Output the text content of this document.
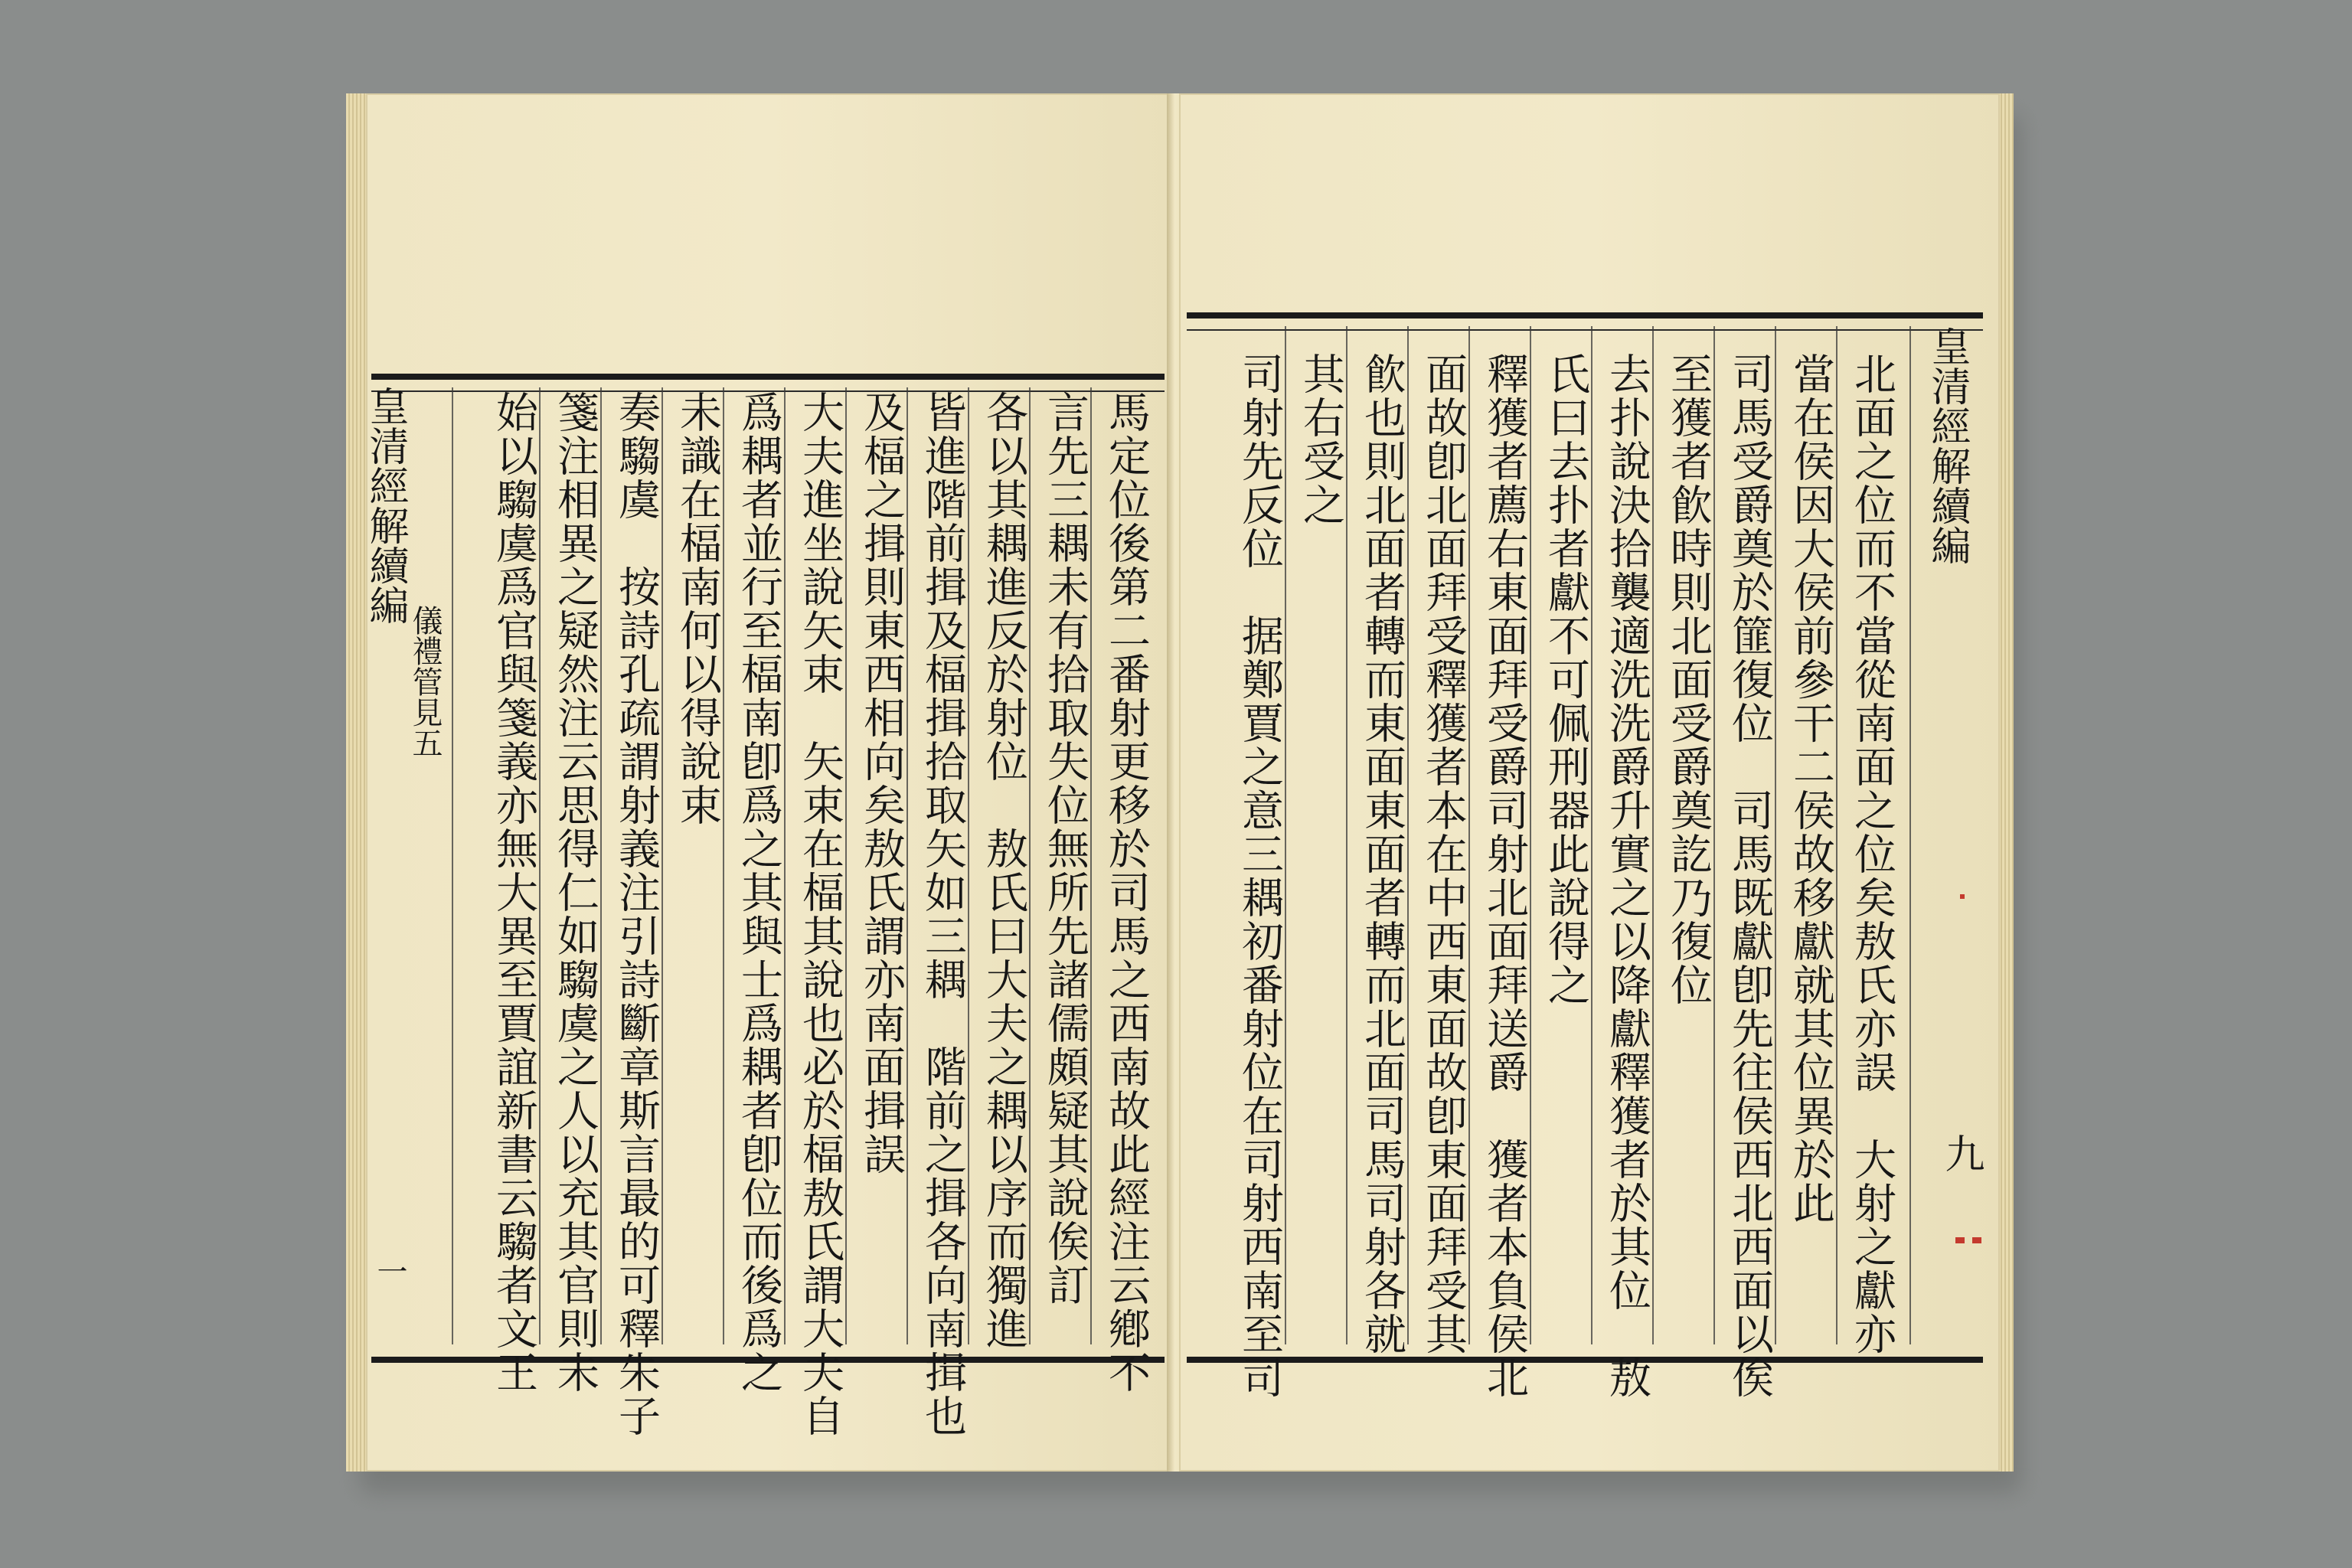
皇清經解續編
儀禮管見五
一	馬定位後第二番射更移於司馬之西南故此經注云鄕不
言先三耦未有拾取失位無所先諸儒頗疑其說俟訂
各以其耦進反於射位　敖氏曰大夫之耦以序而獨進
皆進階前揖及楅揖拾取矢如三耦　階前之揖各向南揖也
及楅之揖則東西相向矣敖氏謂亦南面揖誤
大夫進坐說矢束　矢束在楅其說也必於楅敖氏謂大夫自
爲耦者並行至楅南卽爲之其與士爲耦者卽位而後爲之
未識在楅南何以得說束
奏騶虞　按詩孔疏謂射義注引詩斷章斯言最的可釋朱子
箋注相異之疑然注云思得仁如騶虞之人以充其官則未
始以騶虞爲官與箋義亦無大異至賈誼新書云騶者文王	皇清經解續編
九
北面之位而不當從南面之位矣敖氏亦誤　大射之獻亦
當在侯因大侯前參干二侯故移獻就其位異於此
司馬受爵奠於篚復位　司馬既獻卽先往侯西北西面以俟
至獲者飮時則北面受爵奠訖乃復位
去扑說決拾襲適洗洗爵升實之以降獻釋獲者於其位　敖
氏曰去扑者獻不可佩刑器此說得之
釋獲者薦右東面拜受爵司射北面拜送爵　獲者本負侯北
面故卽北面拜受釋獲者本在中西東面故卽東面拜受其
飮也則北面者轉而東面東面者轉而北面司馬司射各就
其右受之
司射先反位　据鄭賈之意三耦初番射位在司射西南至司
